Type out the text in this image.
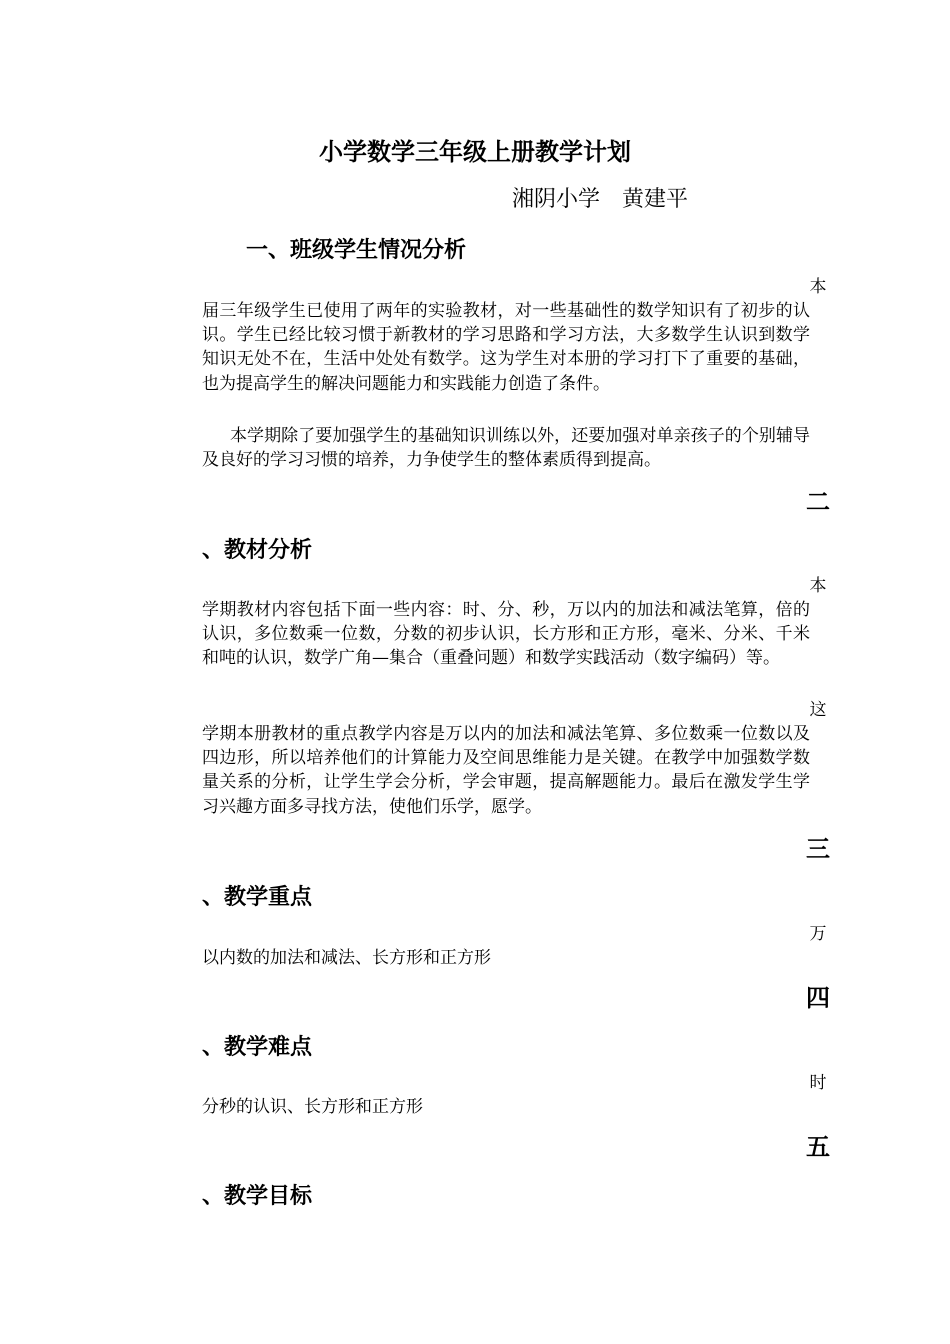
小学数学三年级上册教学计划
湘阴小学　黄建平
一、班级学生情况分析
本

届三年级学生已使用了两年的实验教材，对一些基础性的数学知识有了初步的认识。学生已经比较习惯于新教材的学习思路和学习方法，大多数学生认识到数学知识无处不在，生活中处处有数学。这为学生对本册的学习打下了重要的基础，也为提高学生的解决问题能力和实践能力创造了条件。

本学期除了要加强学生的基础知识训练以外，还要加强对单亲孩子的个别辅导及良好的学习习惯的培养，力争使学生的整体素质得到提高。

二
、教材分析
本

学期教材内容包括下面一些内容：时、分、秒，万以内的加法和减法笔算，倍的认识，多位数乘一位数，分数的初步认识，长方形和正方形，毫米、分米、千米和吨的认识，数学广角—集合（重叠问题）和数学实践活动（数字编码）等。

这

学期本册教材的重点教学内容是万以内的加法和减法笔算、多位数乘一位数以及四边形，所以培养他们的计算能力及空间思维能力是关键。在教学中加强数学数量关系的分析，让学生学会分析，学会审题，提高解题能力。最后在激发学生学习兴趣方面多寻找方法，使他们乐学，愿学。

三
、教学重点
万

以内数的加法和减法、长方形和正方形

四
、教学难点
时

分秒的认识、长方形和正方形

五
、教学目标
